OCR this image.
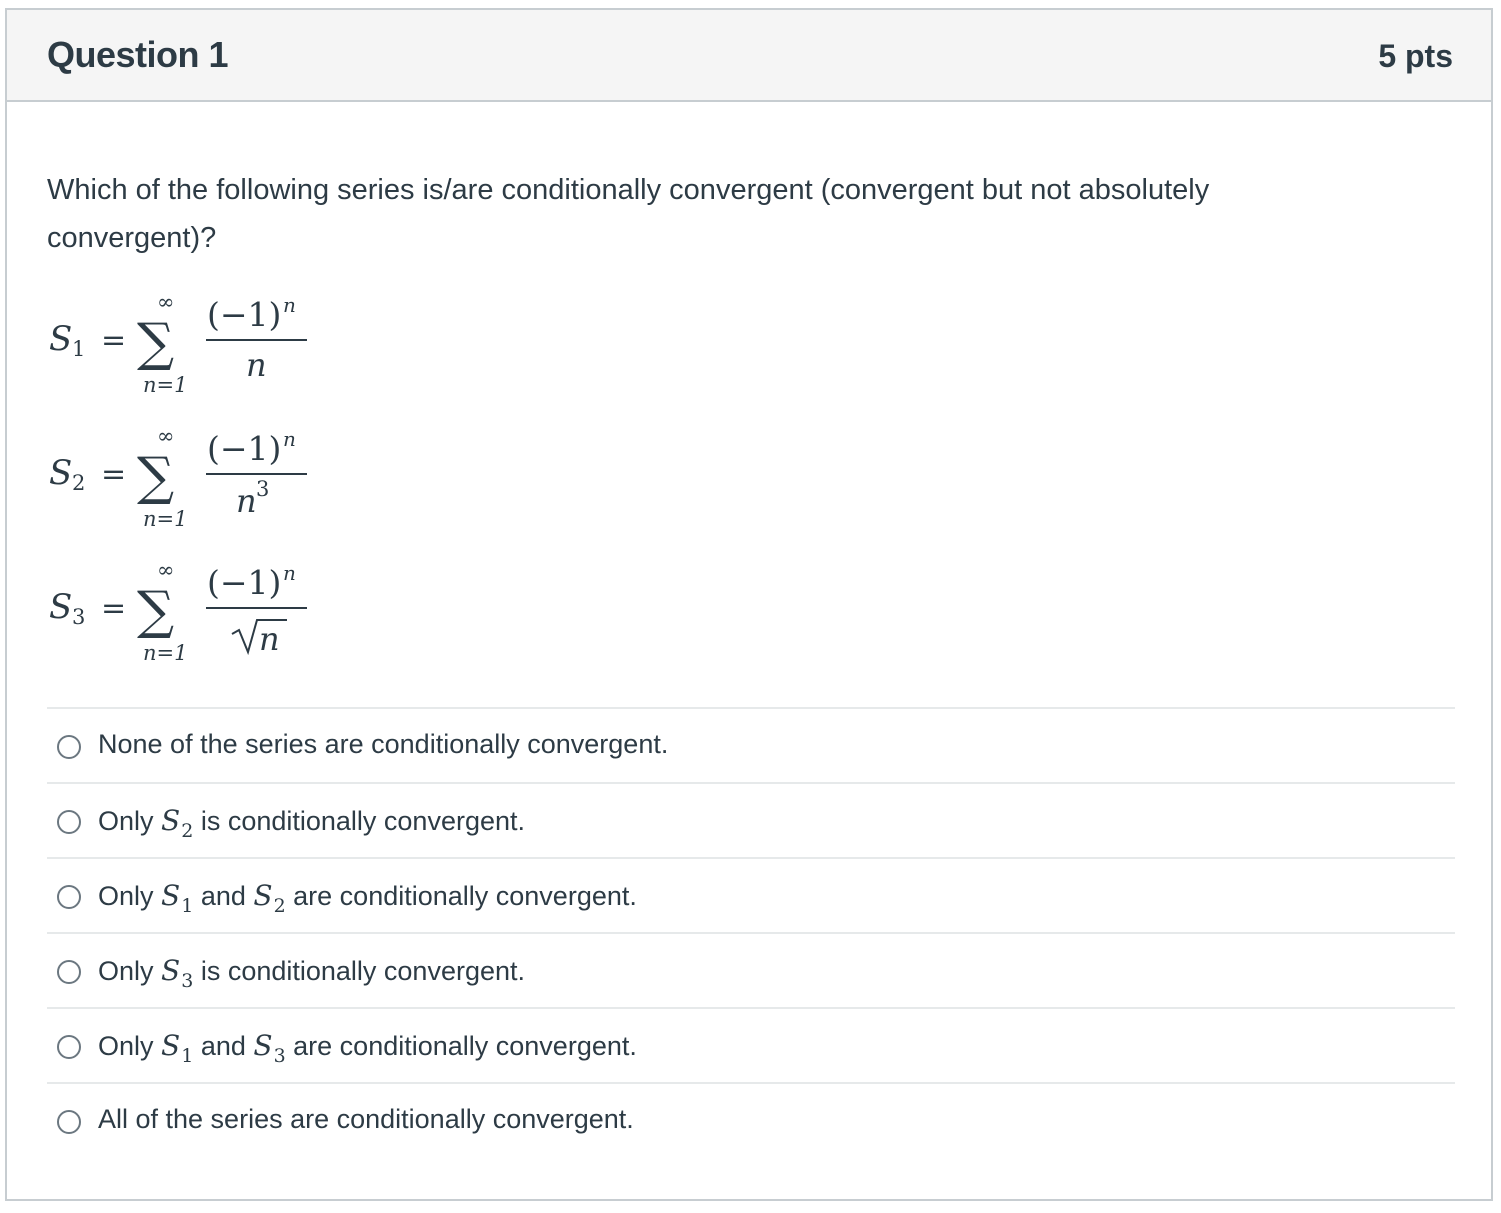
Question 1	5 pts
Which of the following series is/are conditionally convergent (convergent but not absolutely convergent)?
S 1 =
∞
∑
n=1
(−1) n
n
S 2 =
∞
∑
n=1
(−1) n
n 3
S 3 =
∞
∑
n=1
(−1) n
n
None of the series are conditionally convergent.
Only $S_2$ is conditionally convergent.
Only $S_1$ and $S_2$ are conditionally convergent.
Only $S_3$ is conditionally convergent.
Only $S_1$ and $S_3$ are conditionally convergent.
All of the series are conditionally convergent.
